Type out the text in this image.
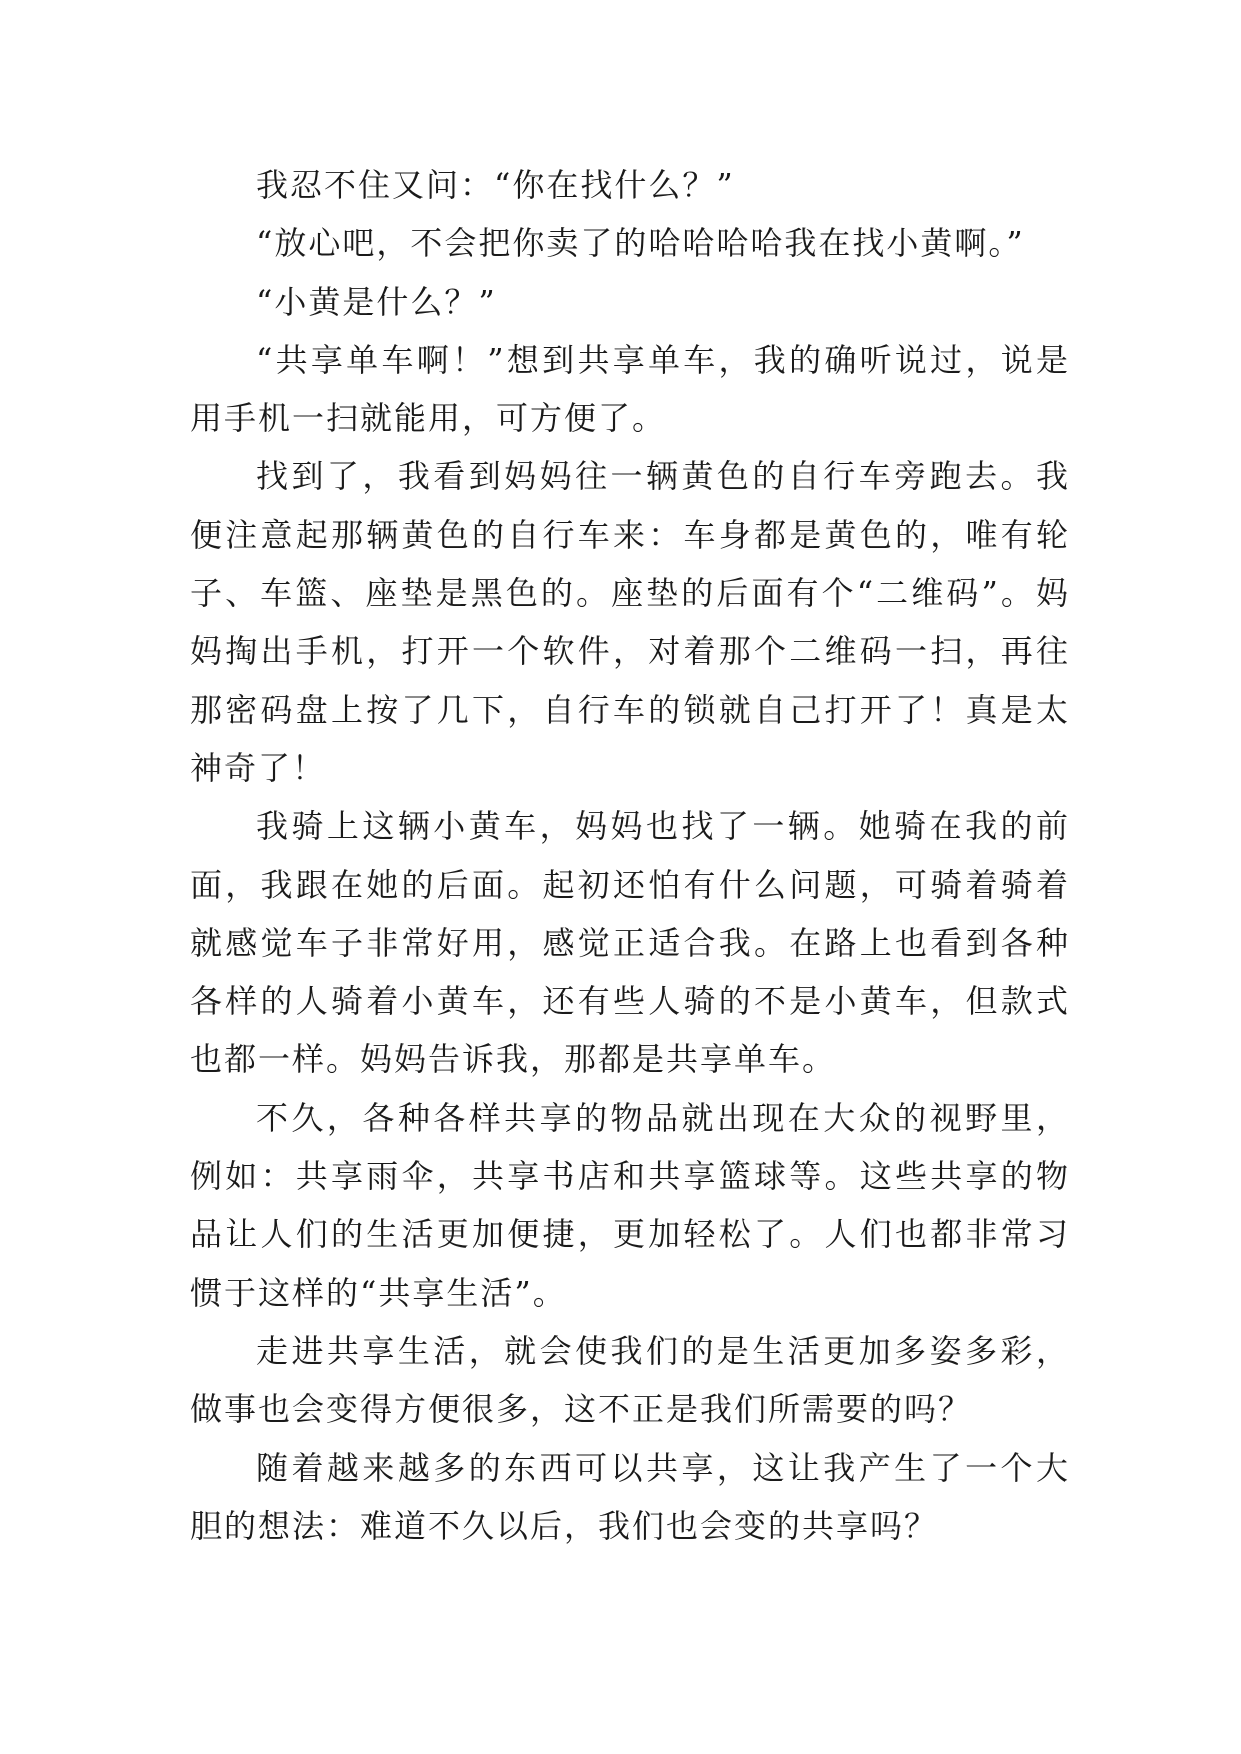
我忍不住又问：“你在找什么？”

“放心吧，不会把你卖了的哈哈哈哈我在找小黄啊。”

“小黄是什么？”

“共享单车啊！”想到共享单车，我的确听说过，说是用手机一扫就能用，可方便了。

找到了，我看到妈妈往一辆黄色的自行车旁跑去。我便注意起那辆黄色的自行车来：车身都是黄色的，唯有轮子、车篮、座垫是黑色的。座垫的后面有个“二维码”。妈妈掏出手机，打开一个软件，对着那个二维码一扫，再往那密码盘上按了几下，自行车的锁就自己打开了！真是太神奇了！

我骑上这辆小黄车，妈妈也找了一辆。她骑在我的前面，我跟在她的后面。起初还怕有什么问题，可骑着骑着就感觉车子非常好用，感觉正适合我。在路上也看到各种各样的人骑着小黄车，还有些人骑的不是小黄车，但款式也都一样。妈妈告诉我，那都是共享单车。

不久，各种各样共享的物品就出现在大众的视野里，例如：共享雨伞，共享书店和共享篮球等。这些共享的物品让人们的生活更加便捷，更加轻松了。人们也都非常习惯于这样的“共享生活”。

走进共享生活，就会使我们的是生活更加多姿多彩，做事也会变得方便很多，这不正是我们所需要的吗？

随着越来越多的东西可以共享，这让我产生了一个大胆的想法：难道不久以后，我们也会变的共享吗？
